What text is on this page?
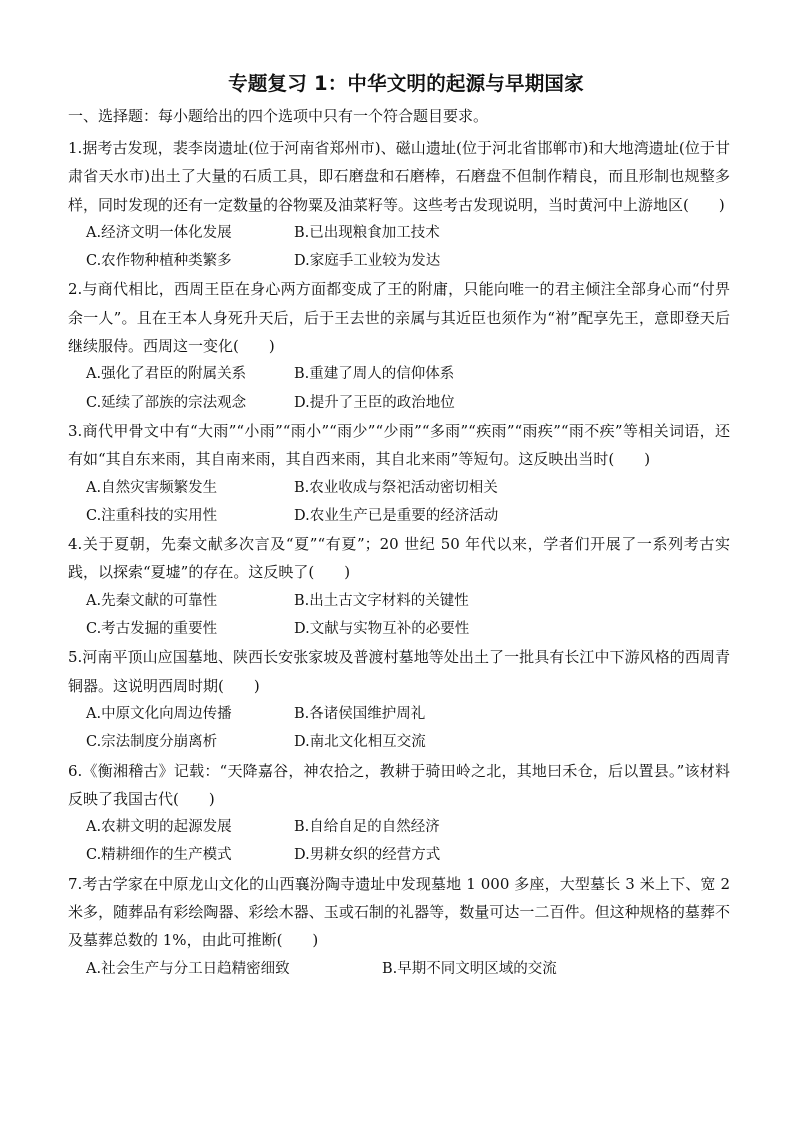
专题复习 1：中华文明的起源与早期国家
一、选择题：每小题给出的四个选项中只有一个符合题目要求。
1.据考古发现，裴李岗遗址(位于河南省郑州市)、磁山遗址(位于河北省邯郸市)和大地湾遗址(位于甘肃省天水市)出土了大量的石质工具，即石磨盘和石磨棒，石磨盘不但制作精良，而且形制也规整多样，同时发现的还有一定数量的谷物粟及油菜籽等。这些考古发现说明，当时黄河中上游地区(　　)
A.经济文明一体化发展	B.已出现粮食加工技术
C.农作物种植种类繁多	D.家庭手工业较为发达
2.与商代相比，西周王臣在身心两方面都变成了王的附庸，只能向唯一的君主倾注全部身心而“付畀余一人”。且在王本人身死升天后，后于王去世的亲属与其近臣也须作为“祔”配享先王，意即登天后继续服侍。西周这一变化(　　)
A.强化了君臣的附属关系	B.重建了周人的信仰体系
C.延续了部族的宗法观念	D.提升了王臣的政治地位
3.商代甲骨文中有“大雨”“小雨”“雨小”“雨少”“少雨”“多雨”“疾雨”“雨疾”“雨不疾”等相关词语，还有如“其自东来雨，其自南来雨，其自西来雨，其自北来雨”等短句。这反映出当时(　　)
A.自然灾害频繁发生	B.农业收成与祭祀活动密切相关
C.注重科技的实用性	D.农业生产已是重要的经济活动
4.关于夏朝，先秦文献多次言及“夏”“有夏”；20 世纪 50 年代以来，学者们开展了一系列考古实践，以探索“夏墟”的存在。这反映了(　　)
A.先秦文献的可靠性	B.出土古文字材料的关键性
C.考古发掘的重要性	D.文献与实物互补的必要性
5.河南平顶山应国墓地、陕西长安张家坡及普渡村墓地等处出土了一批具有长江中下游风格的西周青铜器。这说明西周时期(　　)
A.中原文化向周边传播	B.各诸侯国维护周礼
C.宗法制度分崩离析	D.南北文化相互交流
6.《衡湘稽古》记载：“天降嘉谷，神农拾之，教耕于骑田岭之北，其地曰禾仓，后以置县。”该材料反映了我国古代(　　)
A.农耕文明的起源发展	B.自给自足的自然经济
C.精耕细作的生产模式	D.男耕女织的经营方式
7.考古学家在中原龙山文化的山西襄汾陶寺遗址中发现墓地 1 000 多座，大型墓长 3 米上下、宽 2 米多，随葬品有彩绘陶器、彩绘木器、玉或石制的礼器等，数量可达一二百件。但这种规格的墓葬不及墓葬总数的 1%，由此可推断(　　)
A.社会生产与分工日趋精密细致	B.早期不同文明区域的交流
